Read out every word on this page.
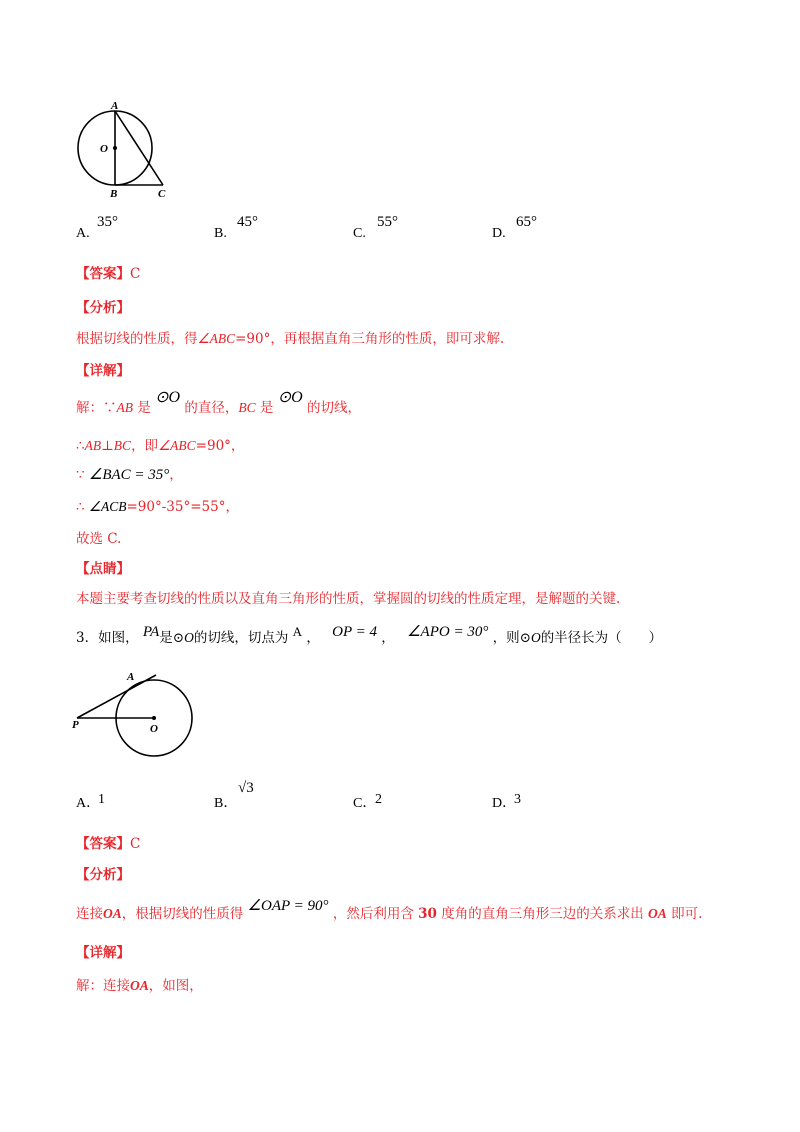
A
O
B	C
A.
35°
B.
45°
C.
55°
D.
65°
【答案】C
【分析】
根据切线的性质，得∠ABC=90°，再根据直角三角形的性质，即可求解.
【详解】
解：∵AB 是 ⊙O 的直径，BC 是 ⊙O 的切线，
∴AB⊥BC，即∠ABC=90°，
∵ ∠BAC = 35°，
∴ ∠ACB=90°-35°=55°，
故选 C.
【点睛】
本题主要考查切线的性质以及直角三角形的性质，掌握圆的切线的性质定理，是解题的关键.
3．如图， PA是⊙O的切线，切点为 A ， OP = 4 ， ∠APO = 30° ，则⊙O的半径长为（　　）
A
P	O
A．
1	B．
√3
C．
2	D．
3
【答案】C
【分析】
连接OA，根据切线的性质得 ∠OAP = 90° ，然后利用含 30 度角的直角三角形三边的关系求出 OA 即可.
【详解】
解：连接OA，如图，
